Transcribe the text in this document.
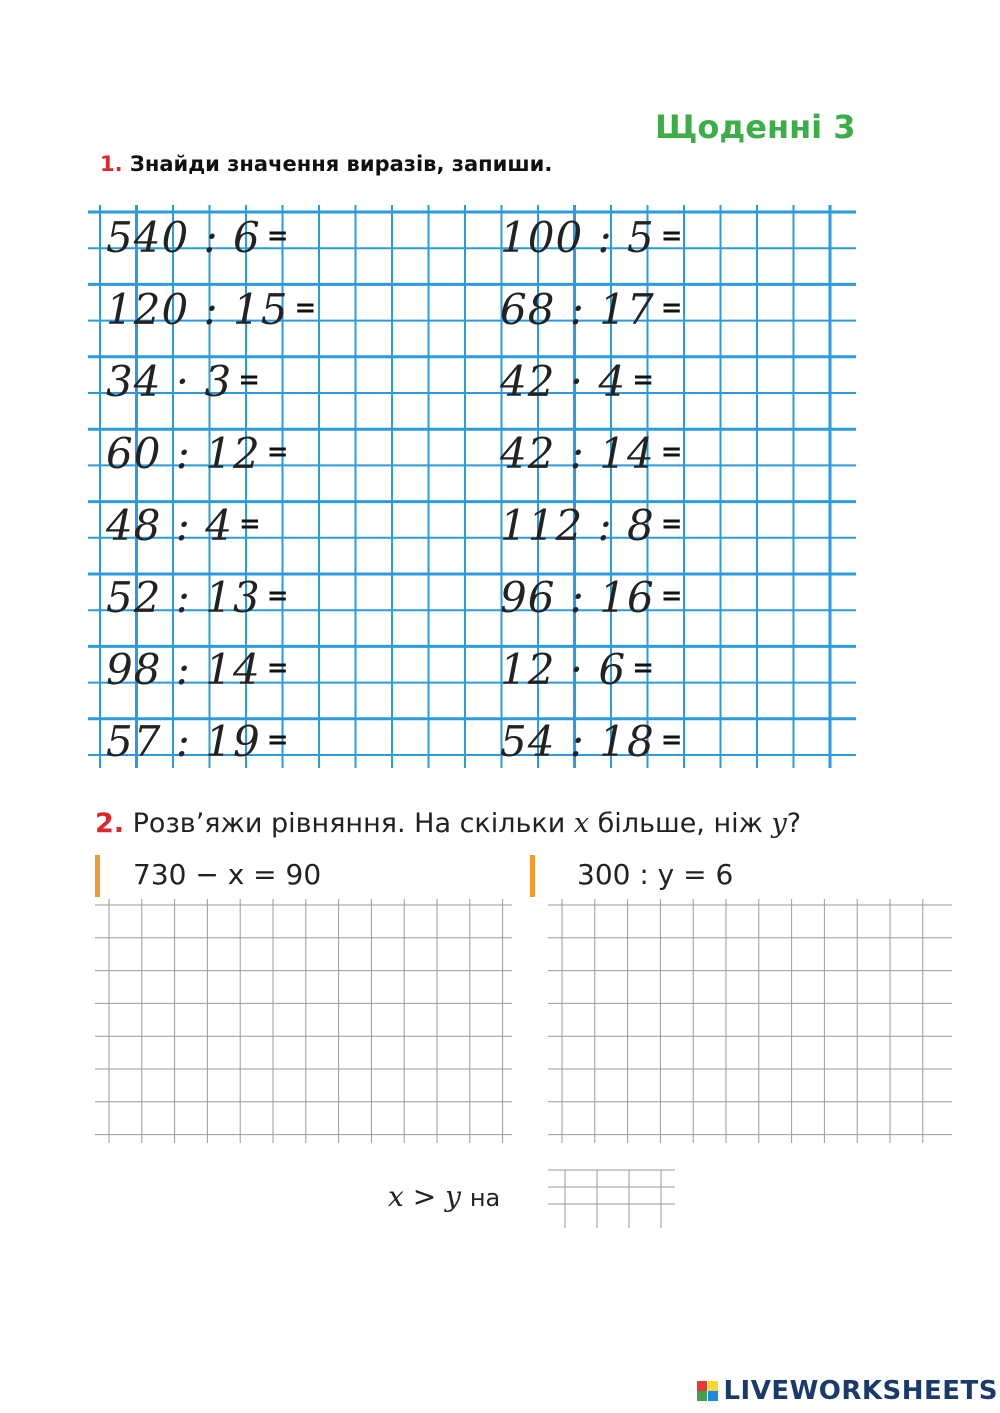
Щоденні 3
1. Знайди значення виразів, запиши.
540 : 6 =
120 : 15 =
34 · 3 =
60 : 12 =
48 : 4 =
52 : 13 =
98 : 14 =
57 : 19 =
100 : 5 =
68 : 17 =
42 · 4 =
42 : 14 =
112 : 8 =
96 : 16 =
12 · 6 =
54 : 18 =
2. Розв’яжи рівняння. На скільки x більше, ніж y?
730 − x = 90	300 : y = 6
x > y на

LIVEWORKSHEETS
